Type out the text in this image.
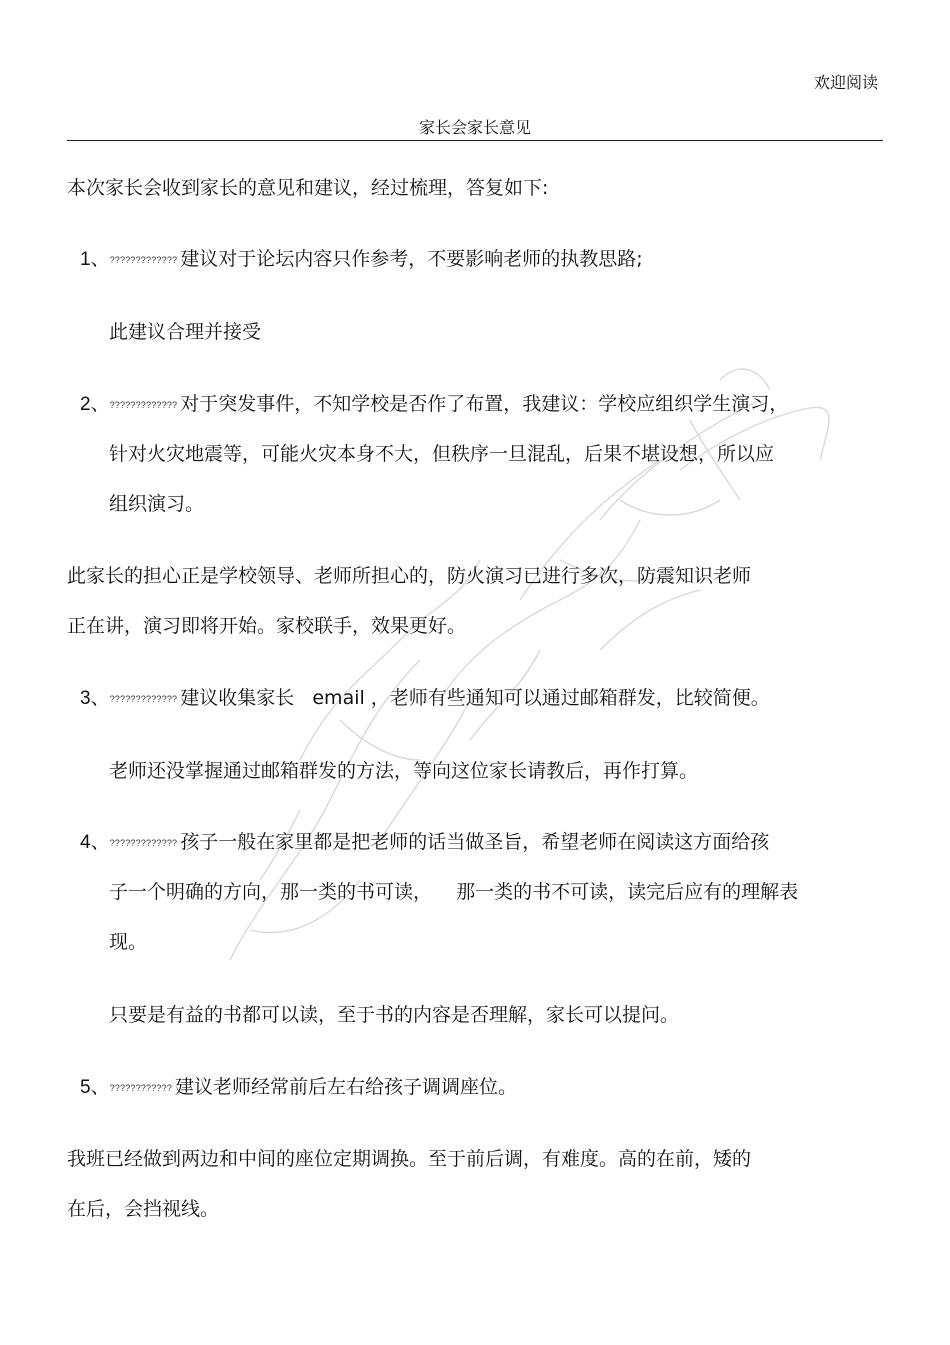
欢迎阅读
家长会家长意见
本次家长会收到家长的意见和建议，经过梳理，答复如下:
1、????????????? 建议对于论坛内容只作参考，不要影响老师的执教思路;
此建议合理并接受
2、????????????? 对于突发事件，不知学校是否作了布置，我建议：学校应组织学生演习，
针对火灾地震等，可能火灾本身不大，但秩序一旦混乱，后果不堪设想，所以应
组织演习。
此家长的担心正是学校领导、老师所担心的，防火演习已进行多次，防震知识老师
正在讲，演习即将开始。家校联手，效果更好。
3、????????????? 建议收集家长   email ，老师有些通知可以通过邮箱群发，比较简便。
老师还没掌握通过邮箱群发的方法，等向这位家长请教后，再作打算。
4、????????????? 孩子一般在家里都是把老师的话当做圣旨，希望老师在阅读这方面给孩
子一个明确的方向，那一类的书可读，    那一类的书不可读，读完后应有的理解表
现。
只要是有益的书都可以读，至于书的内容是否理解，家长可以提问。
5、???????????? 建议老师经常前后左右给孩子调调座位。
我班已经做到两边和中间的座位定期调换。至于前后调，有难度。高的在前，矮的
在后，会挡视线。
